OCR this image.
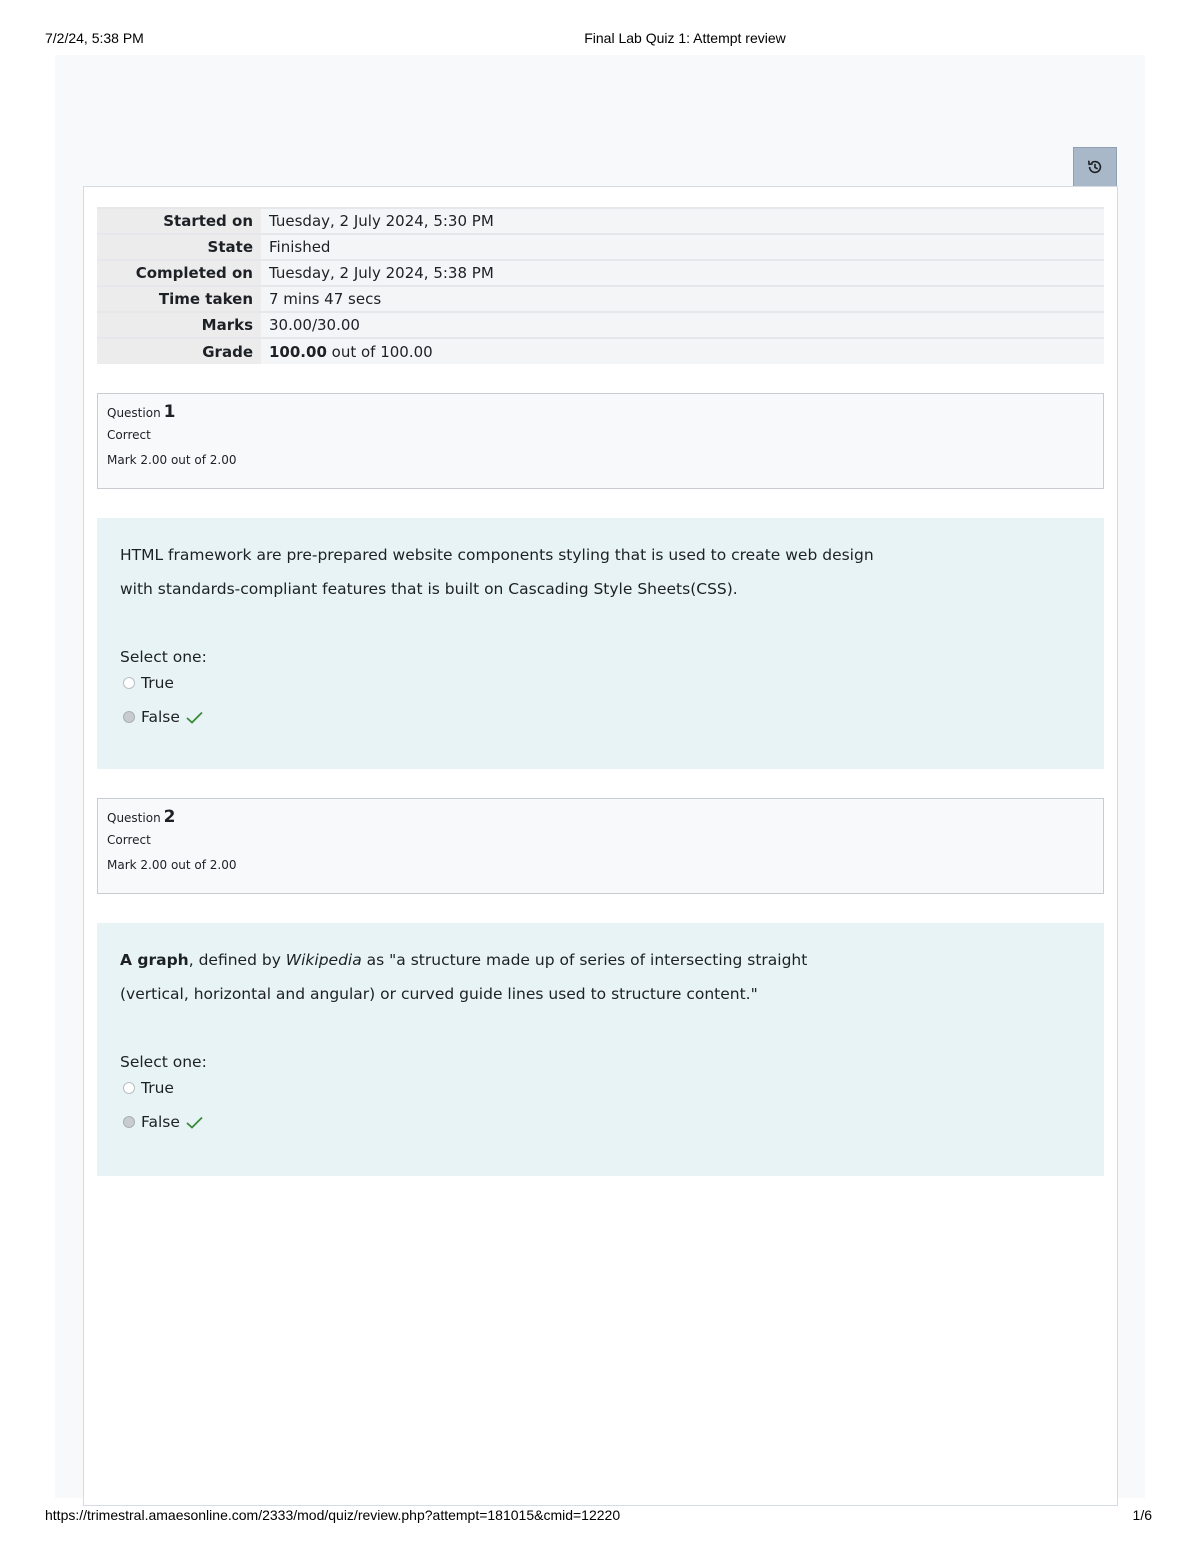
7/2/24, 5:38 PM	Final Lab Quiz 1: Attempt review
Started on	Tuesday, 2 July 2024, 5:30 PM
State	Finished
Completed on	Tuesday, 2 July 2024, 5:38 PM
Time taken	7 mins 47 secs
Marks	30.00/30.00
Grade	100.00 out of 100.00
Question 1
Correct
Mark 2.00 out of 2.00
HTML framework are pre-prepared website components styling that is used to create web design with standards-compliant features that is built on Cascading Style Sheets(CSS).
Select one:
True
False
Question 2
Correct
Mark 2.00 out of 2.00
A graph, defined by Wikipedia as "a structure made up of series of intersecting straight (vertical, horizontal and angular) or curved guide lines used to structure content."
Select one:
True
False
https://trimestral.amaesonline.com/2333/mod/quiz/review.php?attempt=181015&cmid=12220	1/6
